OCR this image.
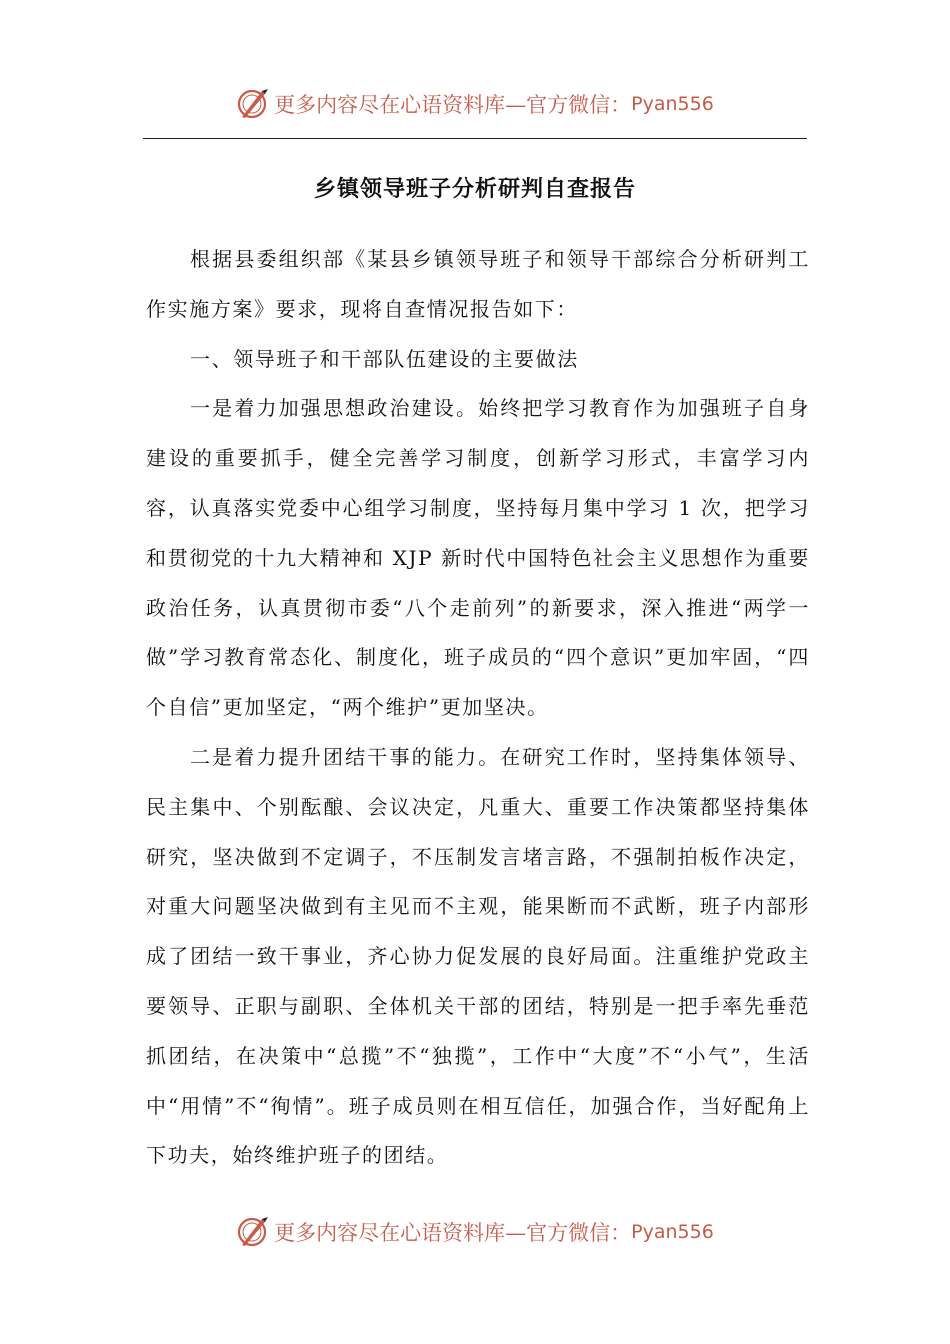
更多内容尽在心语资料库—官方微信： Pyan556
乡镇领导班子分析研判自查报告

根据县委组织部《某县乡镇领导班子和领导干部综合分析研判工作实施方案》要求，现将自查情况报告如下：

一、领导班子和干部队伍建设的主要做法

一是着力加强思想政治建设。始终把学习教育作为加强班子自身建设的重要抓手，健全完善学习制度，创新学习形式，丰富学习内容，认真落实党委中心组学习制度，坚持每月集中学习 1 次，把学习和贯彻党的十九大精神和 XJP 新时代中国特色社会主义思想作为重要政治任务，认真贯彻市委“八个走前列”的新要求，深入推进“两学一做”学习教育常态化、制度化，班子成员的“四个意识”更加牢固，“四个自信”更加坚定，“两个维护”更加坚决。

二是着力提升团结干事的能力。在研究工作时，坚持集体领导、民主集中、个别酝酿、会议决定，凡重大、重要工作决策都坚持集体研究，坚决做到不定调子，不压制发言堵言路，不强制拍板作决定，对重大问题坚决做到有主见而不主观，能果断而不武断，班子内部形成了团结一致干事业，齐心协力促发展的良好局面。注重维护党政主要领导、正职与副职、全体机关干部的团结，特别是一把手率先垂范抓团结，在决策中“总揽”不“独揽”，工作中“大度”不“小气”，生活中“用情”不“徇情”。班子成员则在相互信任，加强合作，当好配角上下功夫，始终维护班子的团结。

更多内容尽在心语资料库—官方微信： Pyan556
